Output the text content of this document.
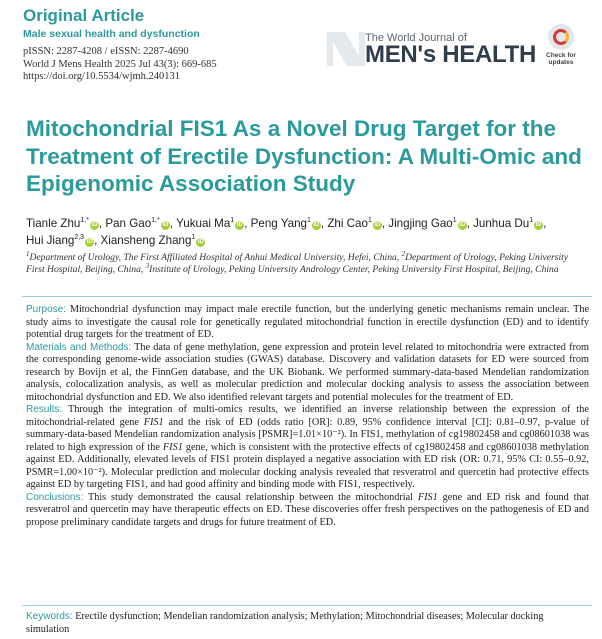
Original Article
Male sexual health and dysfunction
pISSN: 2287-4208 / eISSN: 2287-4690
World J Mens Health 2025 Jul 43(3): 669-685
https://doi.org/10.5534/wjmh.240131
The World Journal of
MEN's HEALTH	Check for
updates
Mitochondrial FIS1 As a Novel Drug Target for the Treatment of Erectile Dysfunction: A Multi-Omic and Epigenomic Association Study
Tianle Zhu$^{1,*}$iD , Pan Gao$^{1,*}$iD , Yukuai Ma$^1$iD , Peng Yang$^1$iD , Zhi Cao$^1$iD , Jingjing Gao$^1$iD , Junhua Du$^1$iD , Hui Jiang$^{2,3}$iD , Xiansheng Zhang$^1$iD
$^1$Department of Urology, The First Affiliated Hospital of Anhui Medical University, Hefei, China, $^2$Department of Urology, Peking University First Hospital, Beijing, China, $^3$Institute of Urology, Peking University Andrology Center, Peking University First Hospital, Beijing, China

Purpose: Mitochondrial dysfunction may impact male erectile function, but the underlying genetic mechanisms remain unclear. The study aims to investigate the causal role for genetically regulated mitochondrial function in erectile dysfunction (ED) and to identify potential drug targets for the treatment of ED.

Materials and Methods: The data of gene methylation, gene expression and protein level related to mitochondria were extracted from the corresponding genome-wide association studies (GWAS) database. Discovery and validation datasets for ED were sourced from research by Bovijn et al, the FinnGen database, and the UK Biobank. We performed summary-data-based Mendelian randomization analysis, colocalization analysis, as well as molecular prediction and molecular docking analysis to assess the association between mitochondrial dysfunction and ED. We also identified relevant targets and potential molecules for the treatment of ED.

Results: Through the integration of multi-omics results, we identified an inverse relationship between the expression of the mitochondrial-related gene FIS1 and the risk of ED (odds ratio [OR]: 0.89, 95% confidence interval [CI]: 0.81–0.97, p-value of summary-data-based Mendelian randomization analysis [PSMR]=1.01×10⁻²). In FIS1, methylation of cg19802458 and cg08601038 was related to high expression of the FIS1 gene, which is consistent with the protective effects of cg19802458 and cg08601038 methylation against ED. Additionally, elevated levels of FIS1 protein displayed a negative association with ED risk (OR: 0.71, 95% CI: 0.55–0.92, PSMR=1.00×10⁻²). Molecular prediction and molecular docking analysis revealed that resveratrol and quercetin had protective effects against ED by targeting FIS1, and had good affinity and binding mode with FIS1, respectively.

Conclusions: This study demonstrated the causal relationship between the mitochondrial FIS1 gene and ED risk and found that resveratrol and quercetin may have therapeutic effects on ED. These discoveries offer fresh perspectives on the pathogenesis of ED and propose preliminary candidate targets and drugs for future treatment of ED.

Keywords: Erectile dysfunction; Mendelian randomization analysis; Methylation; Mitochondrial diseases; Molecular docking simulation
